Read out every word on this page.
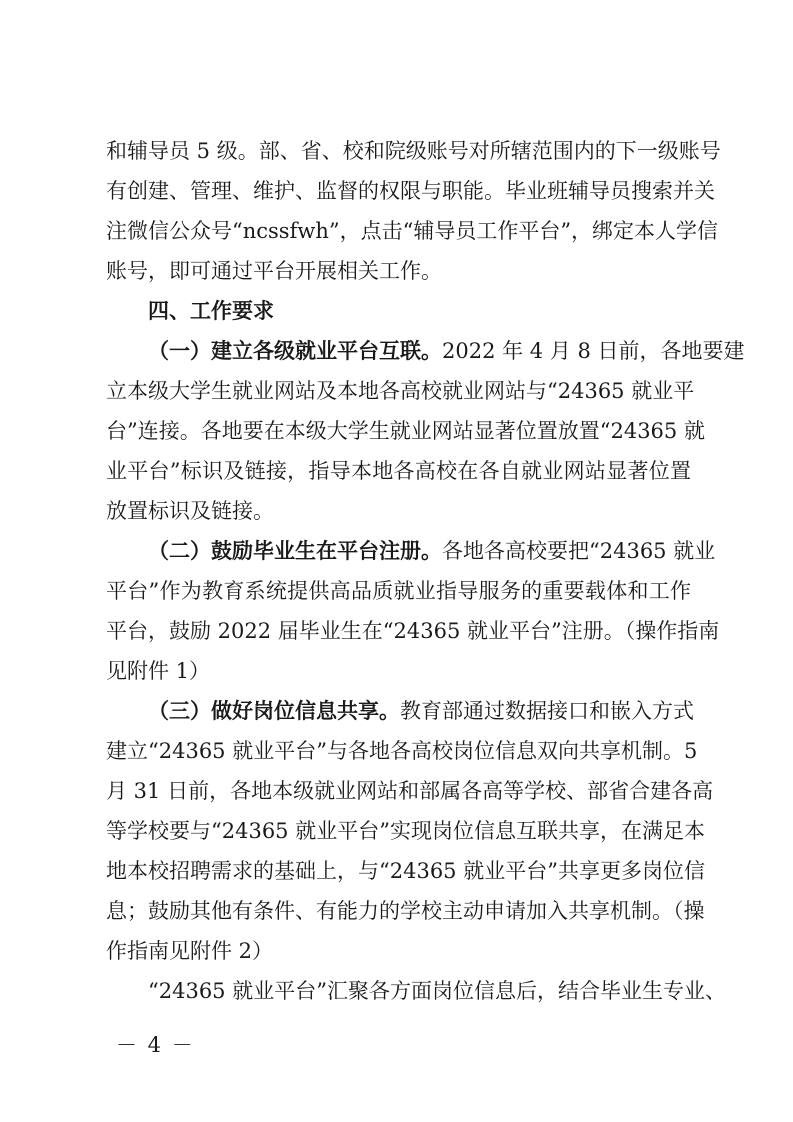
和辅导员 5 级。部、省、校和院级账号对所辖范围内的下一级账号
有创建、管理、维护、监督的权限与职能。毕业班辅导员搜索并关
注微信公众号“ncssfwh”，点击“辅导员工作平台”，绑定本人学信
账号，即可通过平台开展相关工作。
四、工作要求
（一）建立各级就业平台互联。2022 年 4 月 8 日前，各地要建
立本级大学生就业网站及本地各高校就业网站与“24365 就业平
台”连接。各地要在本级大学生就业网站显著位置放置“24365 就
业平台”标识及链接，指导本地各高校在各自就业网站显著位置
放置标识及链接。
（二）鼓励毕业生在平台注册。各地各高校要把“24365 就业
平台”作为教育系统提供高品质就业指导服务的重要载体和工作
平台，鼓励 2022 届毕业生在“24365 就业平台”注册。（操作指南
见附件 1）
（三）做好岗位信息共享。教育部通过数据接口和嵌入方式
建立“24365 就业平台”与各地各高校岗位信息双向共享机制。5
月 31 日前，各地本级就业网站和部属各高等学校、部省合建各高
等学校要与“24365 就业平台”实现岗位信息互联共享，在满足本
地本校招聘需求的基础上，与“24365 就业平台”共享更多岗位信
息；鼓励其他有条件、有能力的学校主动申请加入共享机制。（操
作指南见附件 2）
“24365 就业平台”汇聚各方面岗位信息后，结合毕业生专业、
－ 4 －
